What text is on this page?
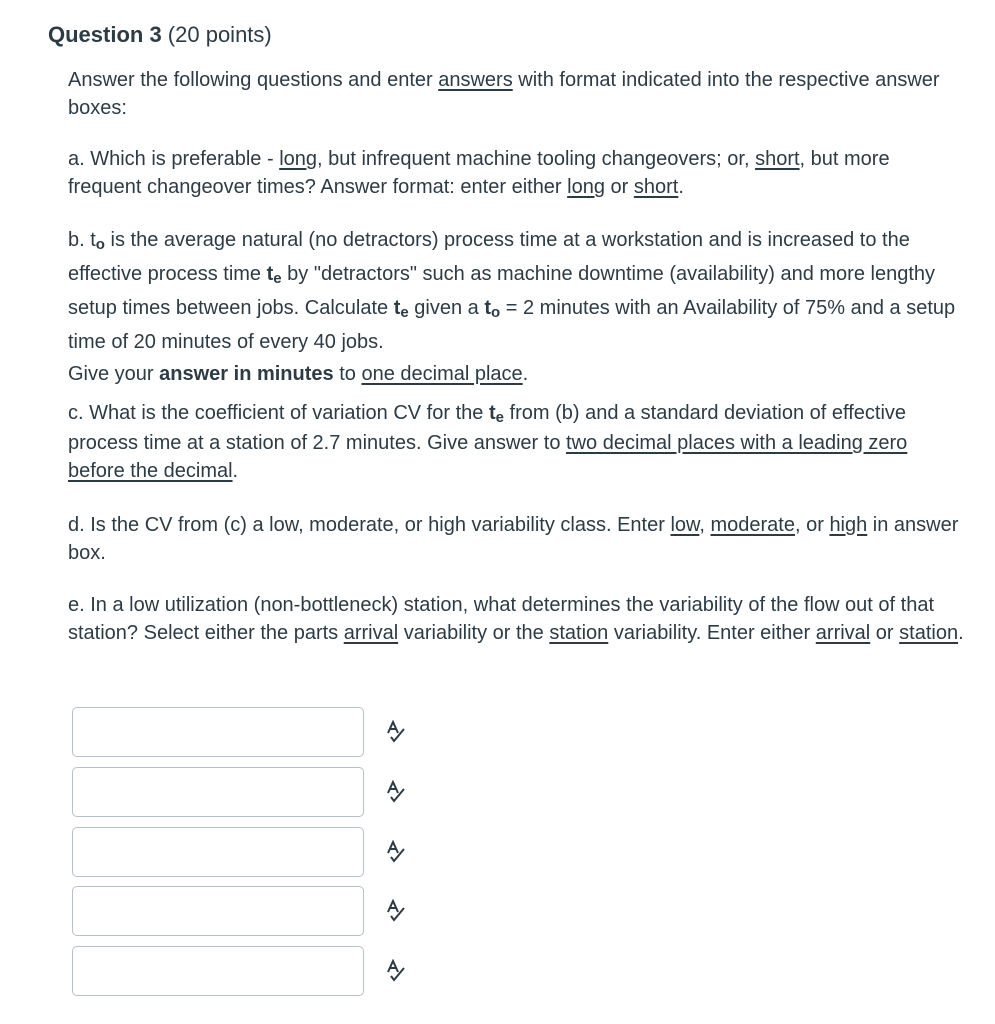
Question 3 (20 points)
Answer the following questions and enter answers with format indicated into the respective answer boxes:
a. Which is preferable - long, but infrequent machine tooling changeovers; or, short, but more frequent changeover times? Answer format: enter either long or short.
b. to is the average natural (no detractors) process time at a workstation and is increased to the effective process time te by "detractors" such as machine downtime (availability) and more lengthy setup times between jobs. Calculate te given a to = 2 minutes with an Availability of 75% and a setup time of 20 minutes of every 40 jobs.
Give your answer in minutes to one decimal place.
c. What is the coefficient of variation CV for the te from (b) and a standard deviation of effective process time at a station of 2.7 minutes. Give answer to two decimal places with a leading zero before the decimal.
d. Is the CV from (c) a low, moderate, or high variability class. Enter low, moderate, or high in answer box.
e. In a low utilization (non-bottleneck) station, what determines the variability of the flow out of that station? Select either the parts arrival variability or the station variability. Enter either arrival or station.
